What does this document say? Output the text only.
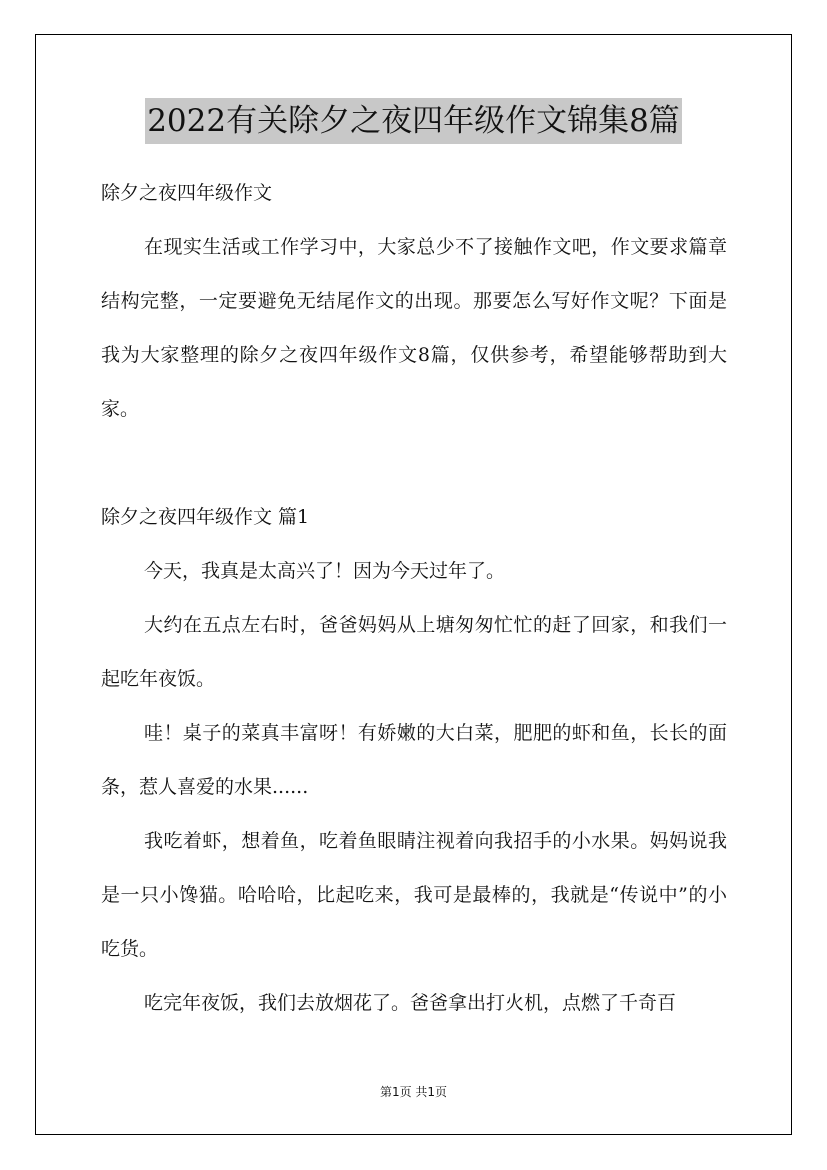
2022有关除夕之夜四年级作文锦集8篇
除夕之夜四年级作文

在现实生活或工作学习中，大家总少不了接触作文吧，作文要求篇章结构完整，一定要避免无结尾作文的出现。那要怎么写好作文呢？下面是我为大家整理的除夕之夜四年级作文8篇，仅供参考，希望能够帮助到大家。

除夕之夜四年级作文 篇1

今天，我真是太高兴了！因为今天过年了。

大约在五点左右时，爸爸妈妈从上塘匆匆忙忙的赶了回家，和我们一起吃年夜饭。

哇！桌子的菜真丰富呀！有娇嫩的大白菜，肥肥的虾和鱼，长长的面条，惹人喜爱的水果......

我吃着虾，想着鱼，吃着鱼眼睛注视着向我招手的小水果。妈妈说我是一只小馋猫。哈哈哈，比起吃来，我可是最棒的，我就是“传说中”的小吃货。

吃完年夜饭，我们去放烟花了。爸爸拿出打火机，点燃了千奇百

第1页 共1页
